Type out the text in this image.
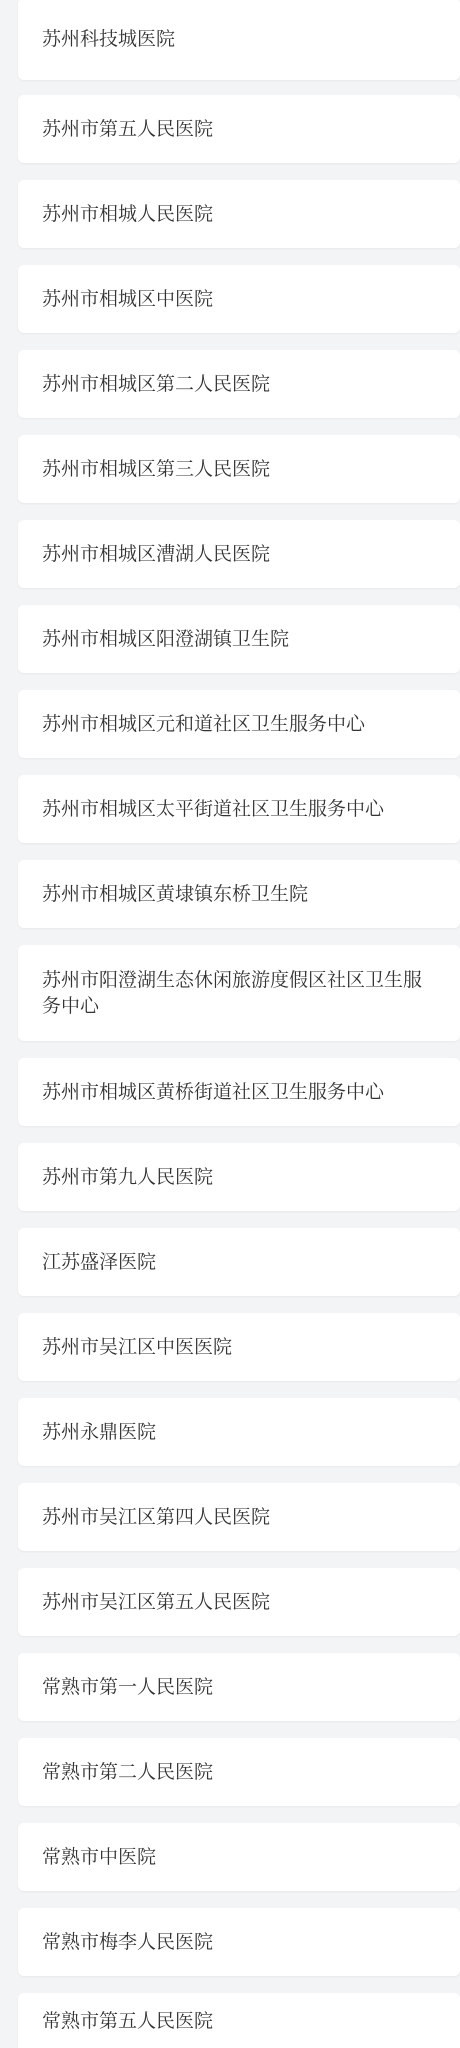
苏州科技城医院
苏州市第五人民医院
苏州市相城人民医院
苏州市相城区中医院
苏州市相城区第二人民医院
苏州市相城区第三人民医院
苏州市相城区漕湖人民医院
苏州市相城区阳澄湖镇卫生院
苏州市相城区元和道社区卫生服务中心
苏州市相城区太平街道社区卫生服务中心
苏州市相城区黄埭镇东桥卫生院
苏州市阳澄湖生态休闲旅游度假区社区卫生服务中心
苏州市相城区黄桥街道社区卫生服务中心
苏州市第九人民医院
江苏盛泽医院
苏州市吴江区中医医院
苏州永鼎医院
苏州市吴江区第四人民医院
苏州市吴江区第五人民医院
常熟市第一人民医院
常熟市第二人民医院
常熟市中医院
常熟市梅李人民医院
常熟市第五人民医院
